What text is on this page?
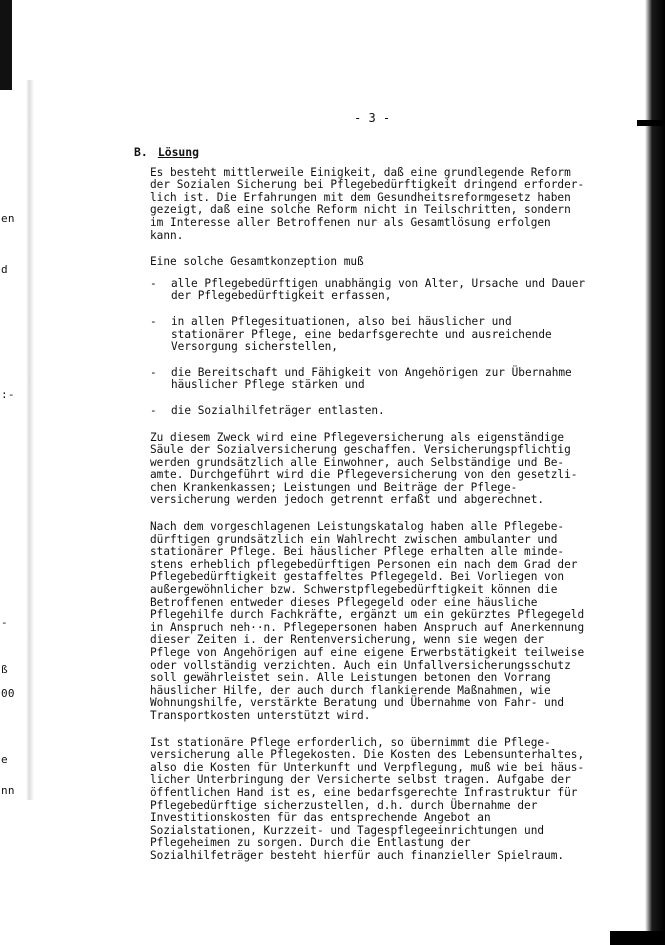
en
d
:-
-
ß
00
e
nn
- 3 -
B. Lösung

Es besteht mittlerweile Einigkeit, daß eine grundlegende Reform
der Sozialen Sicherung bei Pflegebedürftigkeit dringend erforder-
lich ist. Die Erfahrungen mit dem Gesundheitsreformgesetz haben
gezeigt, daß eine solche Reform nicht in Teilschritten, sondern
im Interesse aller Betroffenen nur als Gesamtlösung erfolgen
kann.

Eine solche Gesamtkonzeption muß

- alle Pflegebedürftigen unabhängig von Alter, Ursache und Dauer
der Pflegebedürftigkeit erfassen,
- in allen Pflegesituationen, also bei häuslicher und
stationärer Pflege, eine bedarfsgerechte und ausreichende
Versorgung sicherstellen,
- die Bereitschaft und Fähigkeit von Angehörigen zur Übernahme
häuslicher Pflege stärken und
- die Sozialhilfeträger entlasten.

Zu diesem Zweck wird eine Pflegeversicherung als eigenständige
Säule der Sozialversicherung geschaffen. Versicherungspflichtig
werden grundsätzlich alle Einwohner, auch Selbständige und Be-
amte. Durchgeführt wird die Pflegeversicherung von den gesetzli-
chen Krankenkassen; Leistungen und Beiträge der Pflege-
versicherung werden jedoch getrennt erfaßt und abgerechnet.

Nach dem vorgeschlagenen Leistungskatalog haben alle Pflegebe-
dürftigen grundsätzlich ein Wahlrecht zwischen ambulanter und
stationärer Pflege. Bei häuslicher Pflege erhalten alle minde-
stens erheblich pflegebedürftigen Personen ein nach dem Grad der
Pflegebedürftigkeit gestaffeltes Pflegegeld. Bei Vorliegen von
außergewöhnlicher bzw. Schwerstpflegebedürftigkeit können die
Betroffenen entweder dieses Pflegegeld oder eine häusliche
Pflegehilfe durch Fachkräfte, ergänzt um ein gekürztes Pflegegeld
in Anspruch neh··n. Pflegepersonen haben Anspruch auf Anerkennung
dieser Zeiten i. der Rentenversicherung, wenn sie wegen der
Pflege von Angehörigen auf eine eigene Erwerbstätigkeit teilweise
oder vollständig verzichten. Auch ein Unfallversicherungsschutz
soll gewährleistet sein. Alle Leistungen betonen den Vorrang
häuslicher Hilfe, der auch durch flankierende Maßnahmen, wie
Wohnungshilfe, verstärkte Beratung und Übernahme von Fahr- und
Transportkosten unterstützt wird.

Ist stationäre Pflege erforderlich, so übernimmt die Pflege-
versicherung alle Pflegekosten. Die Kosten des Lebensunterhaltes,
also die Kosten für Unterkunft und Verpflegung, muß wie bei häus-
licher Unterbringung der Versicherte selbst tragen. Aufgabe der
öffentlichen Hand ist es, eine bedarfsgerechte Infrastruktur für
Pflegebedürftige sicherzustellen, d.h. durch Übernahme der
Investitionskosten für das entsprechende Angebot an
Sozialstationen, Kurzzeit- und Tagespflegeeinrichtungen und
Pflegeheimen zu sorgen. Durch die Entlastung der
Sozialhilfeträger besteht hierfür auch finanzieller Spielraum.
